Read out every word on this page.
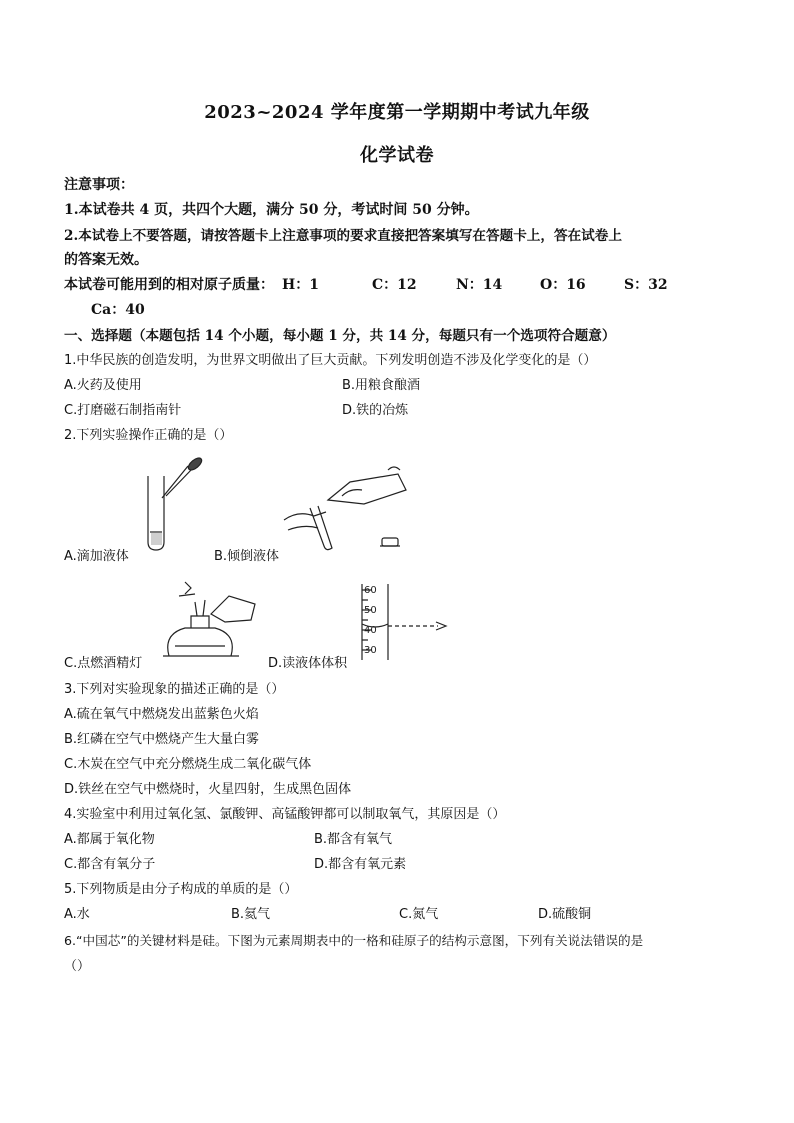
2023~2024 学年度第一学期期中考试九年级
化学试卷
注意事项：
1.本试卷共 4 页，共四个大题，满分 50 分，考试时间 50 分钟。
2.本试卷上不要答题，请按答题卡上注意事项的要求直接把答案填写在答题卡上，答在试卷上
的答案无效。
本试卷可能用到的相对原子质量： H：1	C：12	N：14	O：16	S：32
Ca：40
一、选择题（本题包括 14 个小题，每小题 1 分，共 14 分，每题只有一个选项符合题意）
1.中华民族的创造发明，为世界文明做出了巨大贡献。下列发明创造不涉及化学变化的是（）
A.火药及使用	B.用粮食酿酒
C.打磨磁石制指南针	D.铁的冶炼
2.下列实验操作正确的是（）
A.滴加液体	B.倾倒液体
C.点燃酒精灯
60
50
40
30
D.读液体体积
3.下列对实验现象的描述正确的是（）
A.硫在氧气中燃烧发出蓝紫色火焰
B.红磷在空气中燃烧产生大量白雾
C.木炭在空气中充分燃烧生成二氧化碳气体
D.铁丝在空气中燃烧时，火星四射，生成黑色固体
4.实验室中利用过氧化氢、氯酸钾、高锰酸钾都可以制取氧气，其原因是（）
A.都属于氧化物	B.都含有氧气
C.都含有氧分子	D.都含有氧元素
5.下列物质是由分子构成的单质的是（）
A.水	B.氦气	C.氮气	D.硫酸铜
6.“中国芯”的关键材料是硅。下图为元素周期表中的一格和硅原子的结构示意图，下列有关说法错误的是
（）
